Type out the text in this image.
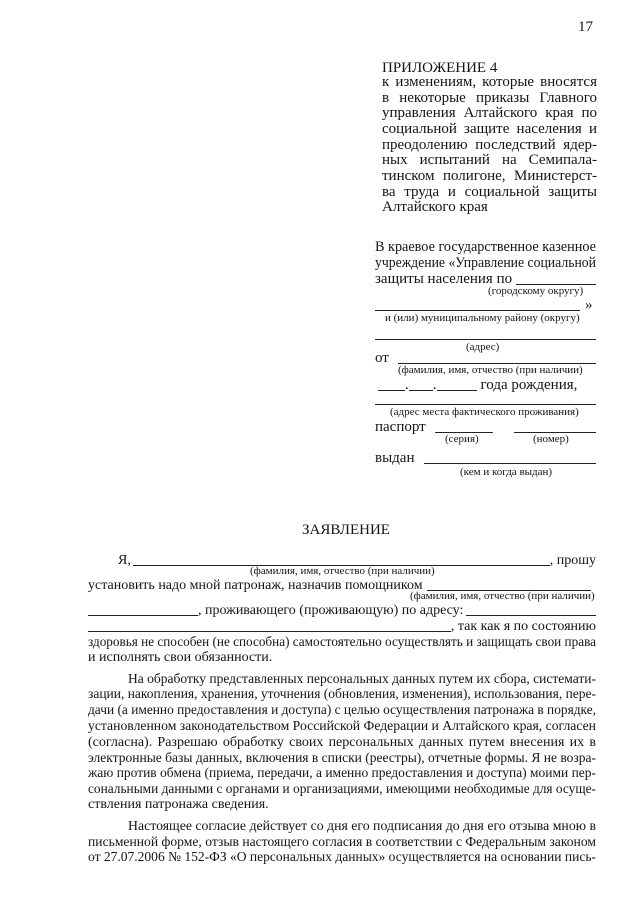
17
ПРИЛОЖЕНИЕ 4
к изменениям, которые вносятся
в некоторые приказы Главного
управления Алтайского края по
социальной защите населения и
преодолению последствий ядер-
ных испытаний на Семипала-
тинском полигоне, Министерст-
ва труда и социальной защиты
Алтайского края
В краевое государственное казенное
учреждение «Управление социальной
защиты населения по
(городскому округу)
»
и (или) муниципальному району (округу)
(адрес)
от
(фамилия, имя, отчество (при наличии)
. .	года рождения,
(адрес места фактического проживания)
паспорт
(серия)	(номер)
выдан
(кем и когда выдан)
ЗАЯВЛЕНИЕ
Я,	, прошу
(фамилия, имя, отчество (при наличии)
установить надо мной патронаж, назначив помощником
(фамилия, имя, отчество (при наличии)
, проживающего (проживающую) по адресу:
, так как я по состоянию
здоровья не способен (не способна) самостоятельно осуществлять и защищать свои права
и исполнять свои обязанности.
На обработку представленных персональных данных путем их сбора, системати-
зации, накопления, хранения, уточнения (обновления, изменения), использования, пере-
дачи (а именно предоставления и доступа) с целью осуществления патронажа в порядке,
установленном законодательством Российской Федерации и Алтайского края, согласен
(согласна). Разрешаю обработку своих персональных данных путем внесения их в
электронные базы данных, включения в списки (реестры), отчетные формы. Я не возра-
жаю против обмена (приема, передачи, а именно предоставления и доступа) моими пер-
сональными данными с органами и организациями, имеющими необходимые для осуще-
ствления патронажа сведения.
Настоящее согласие действует со дня его подписания до дня его отзыва мною в
письменной форме, отзыв настоящего согласия в соответствии с Федеральным законом
от 27.07.2006 № 152-ФЗ «О персональных данных» осуществляется на основании пись-
